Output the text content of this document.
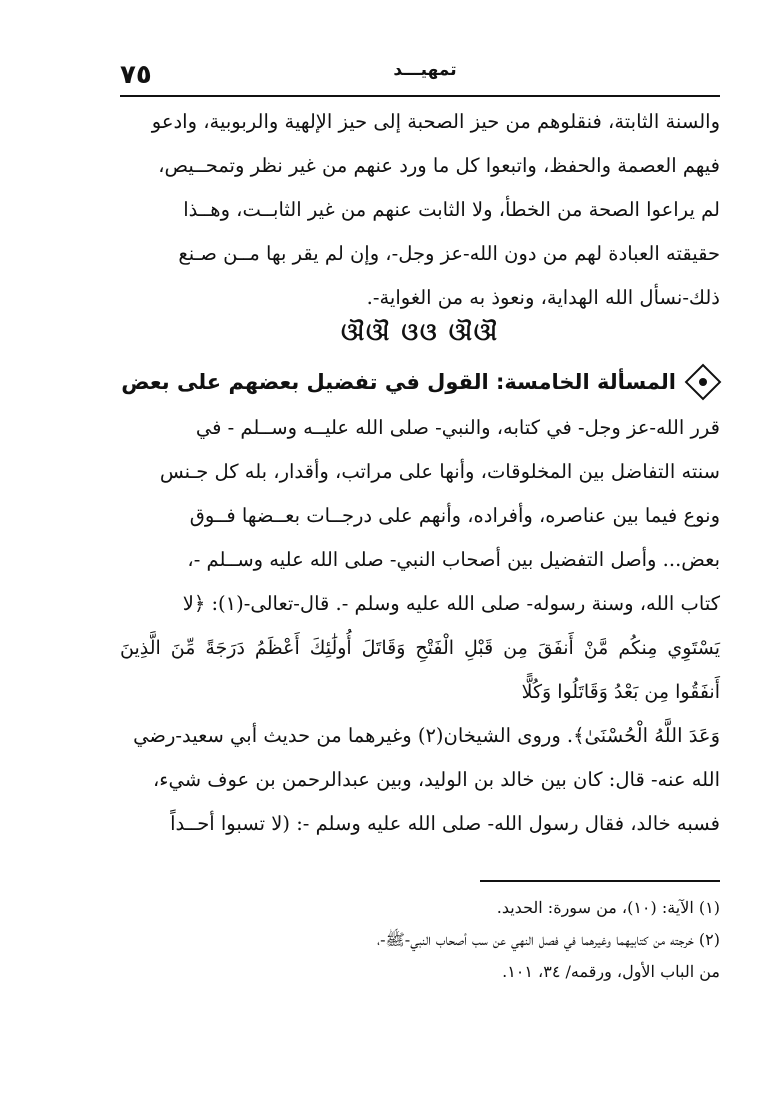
تمهيـــد
٧٥

والسنة الثابتة، فنقلوهم من حيز الصحبة إلى حيز الإلهية والربوبية، وادعو

فيهم العصمة والحفظ، واتبعوا كل ما ورد عنهم من غير نظر وتمحــيص،

لم يراعوا الصحة من الخطأ، ولا الثابت عنهم من غير الثابــت، وهــذا

حقيقته العبادة لهم من دون الله-عز وجل-، وإن لم يقر بها مــن صـنع

ذلك-نسأل الله الهداية، ونعوذ به من الغواية-.

ଔଔ ଓଓ ଔଔ
المسألة الخامسة: القول في تفضيل بعضهم على بعض

قرر الله-عز وجل- في كتابه، والنبي- صلى الله عليــه وســلم - في

سنته التفاضل بين المخلوقات، وأنها على مراتب، وأقدار، بله كل جـنس

ونوع فيما بين عناصره، وأفراده، وأنهم على درجــات بعــضها فــوق

بعض... وأصل التفضيل بين أصحاب النبي- صلى الله عليه وســلم -،

كتاب الله، وسنة رسوله- صلى الله عليه وسلم -. قال-تعالى-(١): ﴿لا

يَسْتَوِي مِنكُم مَّنْ أَنفَقَ مِن قَبْلِ الْفَتْحِ وَقَاتَلَ أُولَٰئِكَ أَعْظَمُ دَرَجَةً مِّنَ الَّذِينَ أَنفَقُوا مِن بَعْدُ وَقَاتَلُوا وَكُلًّا

وَعَدَ اللَّهُ الْحُسْنَىٰ﴾. وروى الشيخان(٢) وغيرهما من حديث أبي سعيد-رضي

الله عنه- قال: كان بين خالد بن الوليد، وبين عبدالرحمن بن عوف شيء،

فسبه خالد، فقال رسول الله- صلى الله عليه وسلم -: (لا تسبوا أحــداً

(١) الآية: (١٠)، من سورة: الحديد.

(٢) خرجته من كتابيهما وغيرهما في فصل النهي عن سب أصحاب النبي-ﷺ-،

من الباب الأول، ورقمه/ ٣٤، ١٠١.
